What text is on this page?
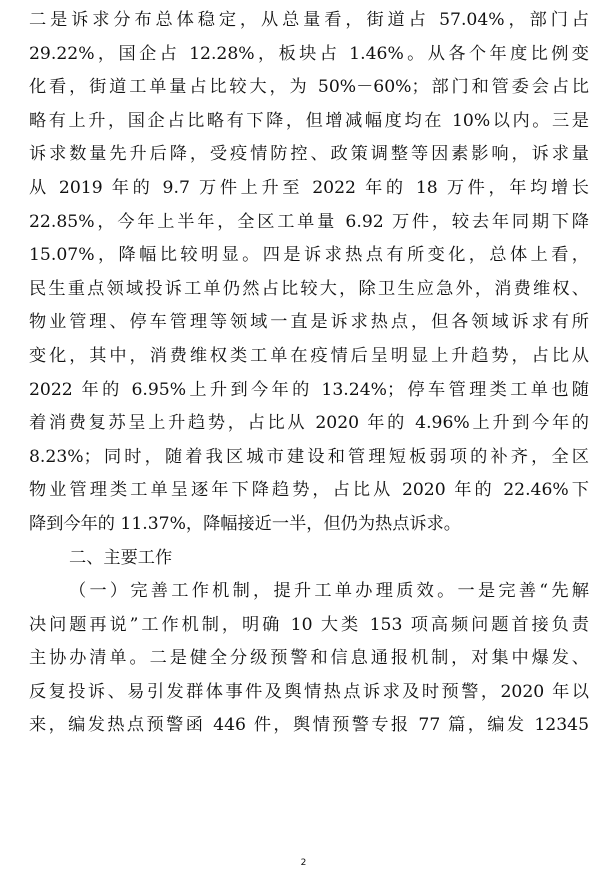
二是诉求分布总体稳定，从总量看，街道占 57.04%，部门占
29.22%，国企占 12.28%，板块占 1.46%。从各个年度比例变
化看，街道工单量占比较大，为 50%－60%；部门和管委会占比
略有上升，国企占比略有下降，但增减幅度均在 10%以内。三是
诉求数量先升后降，受疫情防控、政策调整等因素影响，诉求量
从 2019 年的 9.7 万件上升至 2022 年的 18 万件，年均增长
22.85%，今年上半年，全区工单量 6.92 万件，较去年同期下降
15.07%，降幅比较明显。四是诉求热点有所变化，总体上看，
民生重点领域投诉工单仍然占比较大，除卫生应急外，消费维权、
物业管理、停车管理等领域一直是诉求热点，但各领域诉求有所
变化，其中，消费维权类工单在疫情后呈明显上升趋势，占比从
2022 年的 6.95%上升到今年的 13.24%；停车管理类工单也随
着消费复苏呈上升趋势，占比从 2020 年的 4.96%上升到今年的
8.23%；同时，随着我区城市建设和管理短板弱项的补齐，全区
物业管理类工单呈逐年下降趋势，占比从 2020 年的 22.46%下
降到今年的 11.37%，降幅接近一半，但仍为热点诉求。
二、主要工作
（一）完善工作机制，提升工单办理质效。一是完善“先解
决问题再说”工作机制，明确 10 大类 153 项高频问题首接负责
主协办清单。二是健全分级预警和信息通报机制，对集中爆发、
反复投诉、易引发群体事件及舆情热点诉求及时预警，2020 年以
来，编发热点预警函 446 件，舆情预警专报 77 篇，编发 12345
2
